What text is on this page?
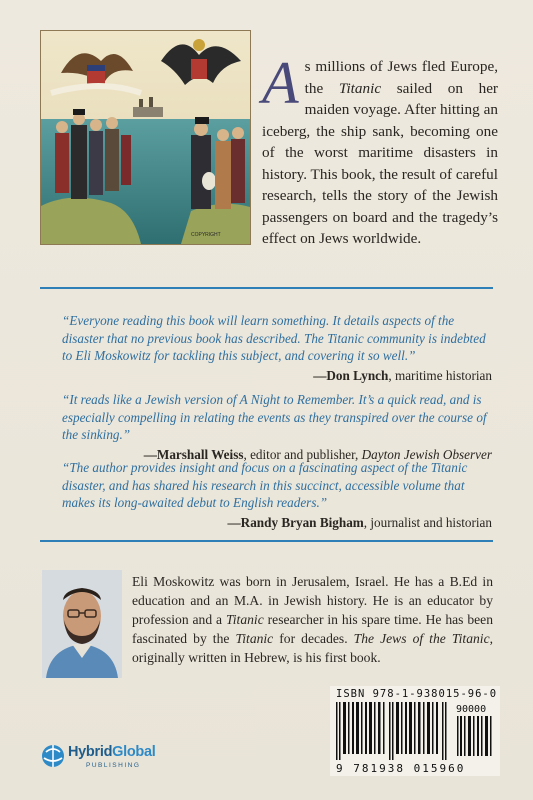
COPYRIGHT
As millions of Jews fled Europe, the Titanic sailed on her maiden voyage. After hitting an iceberg, the ship sank, becoming one of the worst maritime disasters in history. This book, the result of careful research, tells the story of the Jewish passengers on board and the tragedy’s effect on Jews worldwide.
“Everyone reading this book will learn something. It details aspects of the disaster that no previous book has described. The Titanic community is indebted to Eli Moskowitz for tackling this subject, and covering it so well.”
—Don Lynch, maritime historian
“It reads like a Jewish version of A Night to Remember. It’s a quick read, and is especially compelling in relating the events as they transpired over the course of the sinking.”
—Marshall Weiss, editor and publisher, Dayton Jewish Observer
“The author provides insight and focus on a fascinating aspect of the Titanic disaster, and has shared his research in this succinct, accessible volume that makes its long-awaited debut to English readers.”
—Randy Bryan Bigham, journalist and historian
Eli Moskowitz was born in Jerusalem, Israel. He has a B.Ed in education and an M.A. in Jewish history. He is an educator by profession and a Titanic researcher in his spare time. He has been fascinated by the Titanic for decades. The Jews of the Titanic, originally written in Hebrew, is his first book.
ISBN 978-1-938015-96-0
90000
9 781938 015960
HybridGlobal
PUBLISHING
